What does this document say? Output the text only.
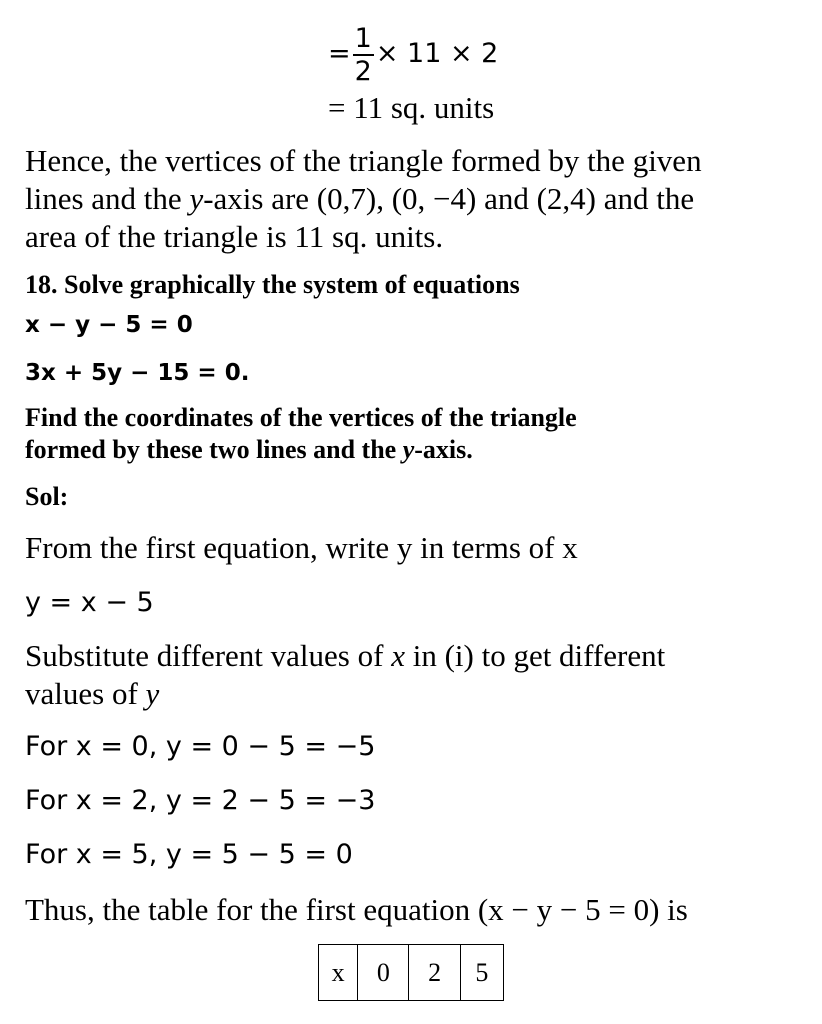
= $\frac{1}{2} \times 11 \times 2$
= 11 sq. units
Hence, the vertices of the triangle formed by the given
lines and the y-axis are (0,7), (0, −4) and (2,4) and the
area of the triangle is 11 sq. units.
18. Solve graphically the system of equations
x − y − 5 = 0
3x + 5y − 15 = 0.
Find the coordinates of the vertices of the triangle
formed by these two lines and the y-axis.
Sol:
From the first equation, write y in terms of x
y = x − 5
Substitute different values of x in (i) to get different
values of y
For x = 0, y = 0 − 5 = −5
For x = 2, y = 2 − 5 = −3
For x = 5, y = 5 − 5 = 0
Thus, the table for the first equation (x − y − 5 = 0) is
x	0	2	5
